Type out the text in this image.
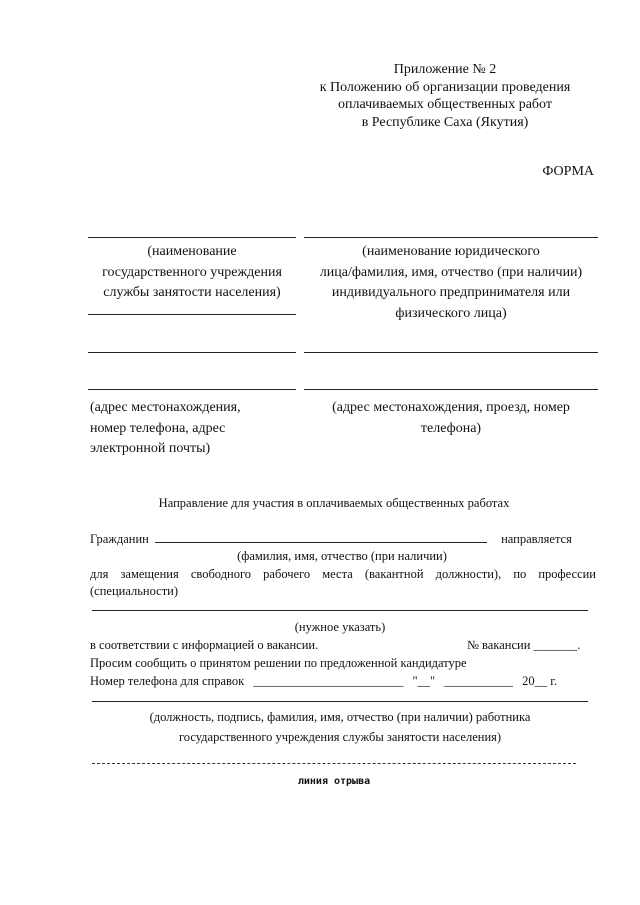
Приложение № 2
к Положению об организации проведения
оплачиваемых общественных работ
в Республике Саха (Якутия)
ФОРМА
(наименование
государственного учреждения
службы занятости населения)
(адрес местонахождения,
номер телефона, адрес
электронной почты)
(наименование юридического
лица/фамилия, имя, отчество (при наличии)
индивидуального предпринимателя или
физического лица)
(адрес местонахождения, проезд, номер
телефона)
Направление для участия в оплачиваемых общественных работах
Гражданин	направляется
(фамилия, имя, отчество (при наличии)
для замещения свободного рабочего места (вакантной должности), по профессии (специальности)
(нужное указать)
в соответствии с информацией о вакансии.	№ вакансии _______.
Просим сообщить о принятом решении по предложенной кандидатуре
Номер телефона для справок ________________________ "__" ___________ 20__ г.
(должность, подпись, фамилия, имя, отчество (при наличии) работника
государственного учреждения службы занятости населения)
линия отрыва
